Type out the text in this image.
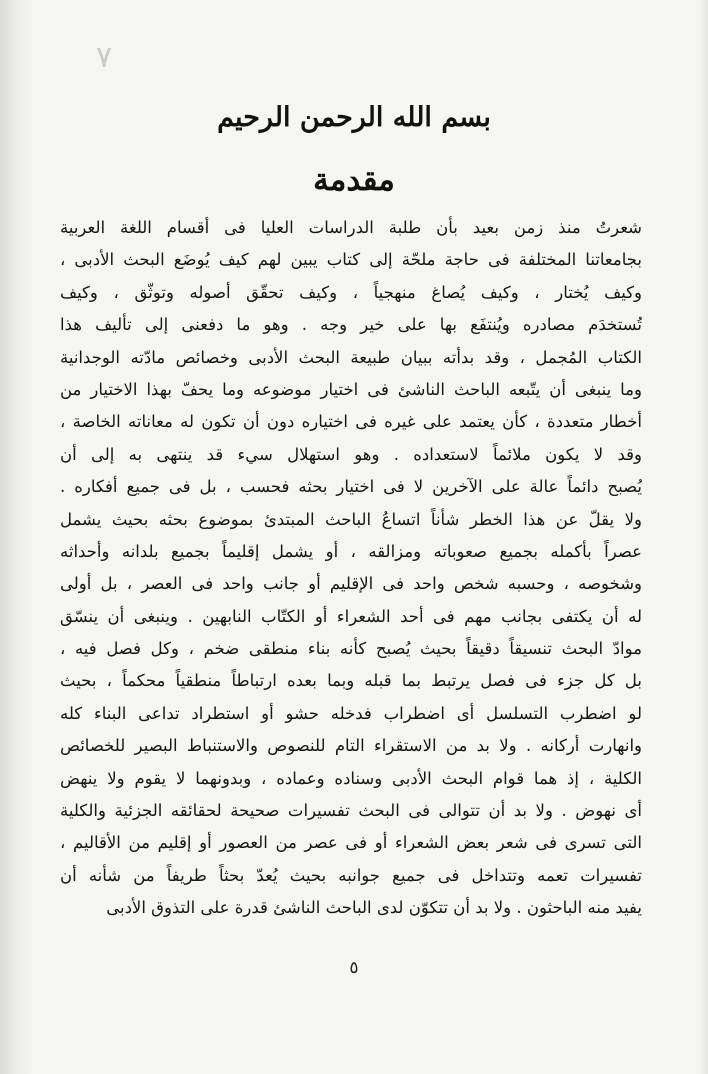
٧
بسم الله الرحمن الرحيم
مقدمة
شعرتُ منذ زمن بعيد بأن طلبة الدراسات العليا فى أقسام اللغة العربية
بجامعاتنا المختلفة فى حاجة ملحّة إلى كتاب يبين لهم كيف يُوضَع البحث الأدبى ،
وكيف يُختار ، وكيف يُصاغ منهجياً ، وكيف تحقّق أصوله وتوثّق ، وكيف
تُستخدَم مصادره ويُنتفَع بها على خير وجه . وهو ما دفعنى إلى تأليف هذا
الكتاب المُجمل ، وقد بدأته ببيان طبيعة البحث الأدبى وخصائص مادّته الوجدانية
وما ينبغى أن يتّبعه الباحث الناشئ فى اختيار موضوعه وما يحفّ بهذا الاختيار من
أخطار متعددة ، كأن يعتمد على غيره فى اختياره دون أن تكون له معاناته الخاصة ،
وقد لا يكون ملائماً لاستعداده . وهو استهلال سيء قد ينتهى به إلى أن
يُصبح دائماً عالة على الآخرين لا فى اختيار بحثه فحسب ، بل فى جميع أفكاره .
ولا يقلّ عن هذا الخطر شأناً اتساعُ الباحث المبتدئ بموضوع بحثه بحيث يشمل
عصراً بأكمله بجميع صعوباته ومزالقه ، أو يشمل إقليماً بجميع بلدانه وأحداثه
وشخوصه ، وحسبه شخص واحد فى الإقليم أو جانب واحد فى العصر ، بل أولى
له أن يكتفى بجانب مهم فى أحد الشعراء أو الكتّاب النابهين . وينبغى أن ينسّق
موادّ البحث تنسيقاً دقيقاً بحيث يُصبح كأنه بناء منطقى ضخم ، وكل فصل فيه ،
بل كل جزء فى فصل يرتبط بما قبله وبما بعده ارتباطاً منطقياً محكماً ، بحيث
لو اضطرب التسلسل أى اضطراب فدخله حشو أو استطراد تداعى البناء كله
وانهارت أركانه . ولا بد من الاستقراء التام للنصوص والاستنباط البصير للخصائص
الكلية ، إذ هما قوام البحث الأدبى وسناده وعماده ، وبدونهما لا يقوم ولا ينهض
أى نهوض . ولا بد أن تتوالى فى البحث تفسيرات صحيحة لحقائقه الجزئية والكلية
التى تسرى فى شعر بعض الشعراء أو فى عصر من العصور أو إقليم من الأقاليم ،
تفسيرات تعمه وتتداخل فى جميع جوانبه بحيث يُعدّ بحثاً طريفاً من شأنه أن
يفيد منه الباحثون . ولا بد أن تتكوّن لدى الباحث الناشئ قدرة على التذوق الأدبى
٥
